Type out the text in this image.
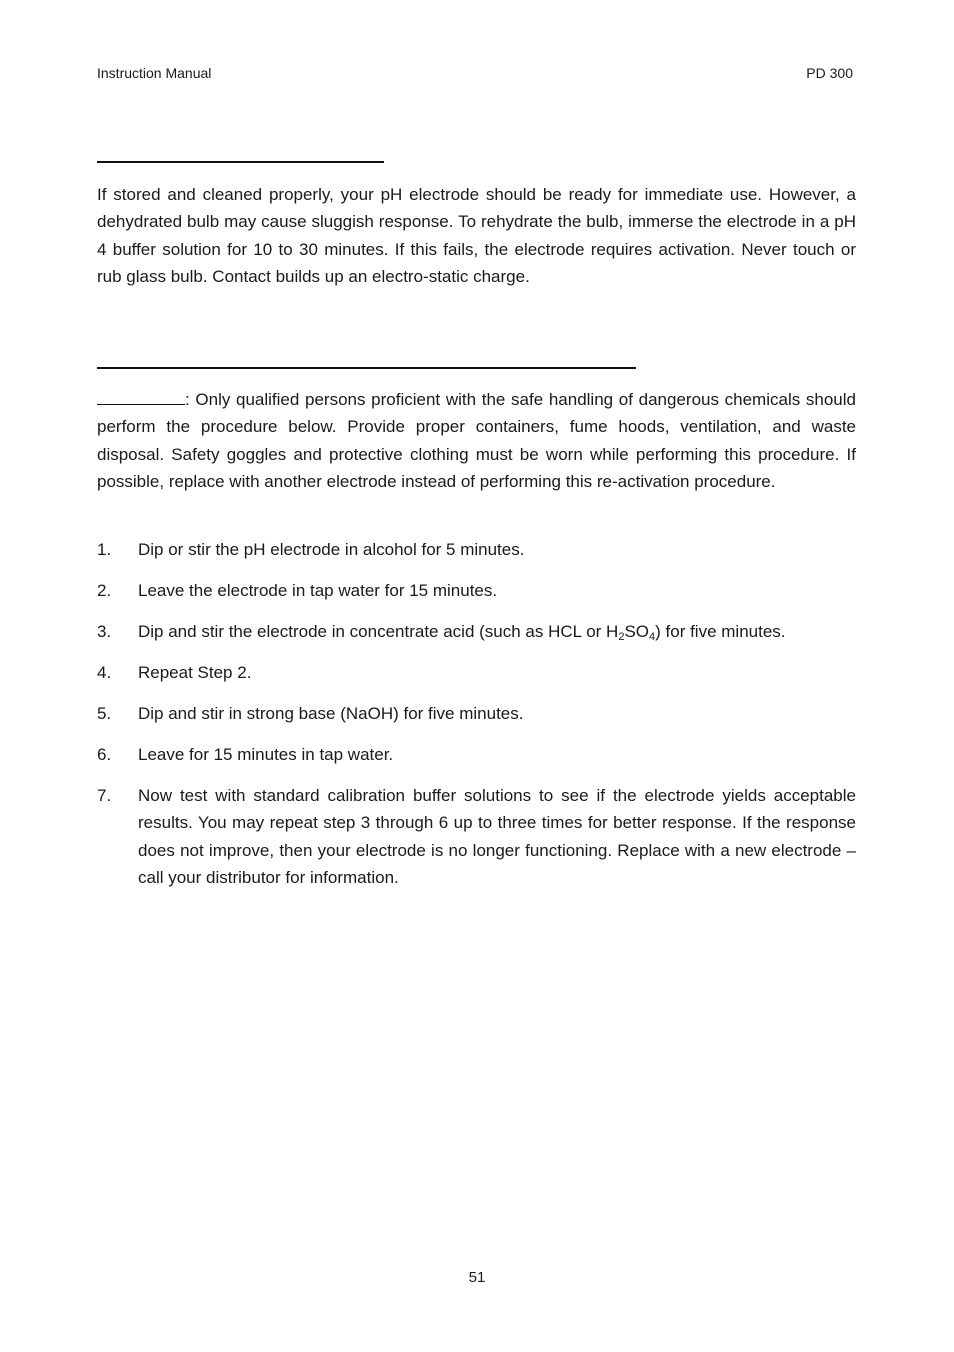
Instruction Manual	PD 300

If stored and cleaned properly, your pH electrode should be ready for immediate use. However, a dehydrated bulb may cause sluggish response. To rehydrate the bulb, immerse the electrode in a pH 4 buffer solution for 10 to 30 minutes. If this fails, the electrode requires activation. Never touch or rub glass bulb. Contact builds up an electro-static charge.

: Only qualified persons proficient with the safe handling of dangerous chemicals should perform the procedure below. Provide proper containers, fume hoods, ventilation, and waste disposal. Safety goggles and protective clothing must be worn while performing this procedure. If possible, replace with another electrode instead of performing this re-activation procedure.

1.	Dip or stir the pH electrode in alcohol for 5 minutes.
2.	Leave the electrode in tap water for 15 minutes.
3.	Dip and stir the electrode in concentrate acid (such as HCL or $H_2SO_4$) for five minutes.
4.	Repeat Step 2.
5.	Dip and stir in strong base (NaOH) for five minutes.
6.	Leave for 15 minutes in tap water.
7.	Now test with standard calibration buffer solutions to see if the electrode yields acceptable results. You may repeat step 3 through 6 up to three times for better response. If the response does not improve, then your electrode is no longer functioning. Replace with a new electrode – call your distributor for information.
51
